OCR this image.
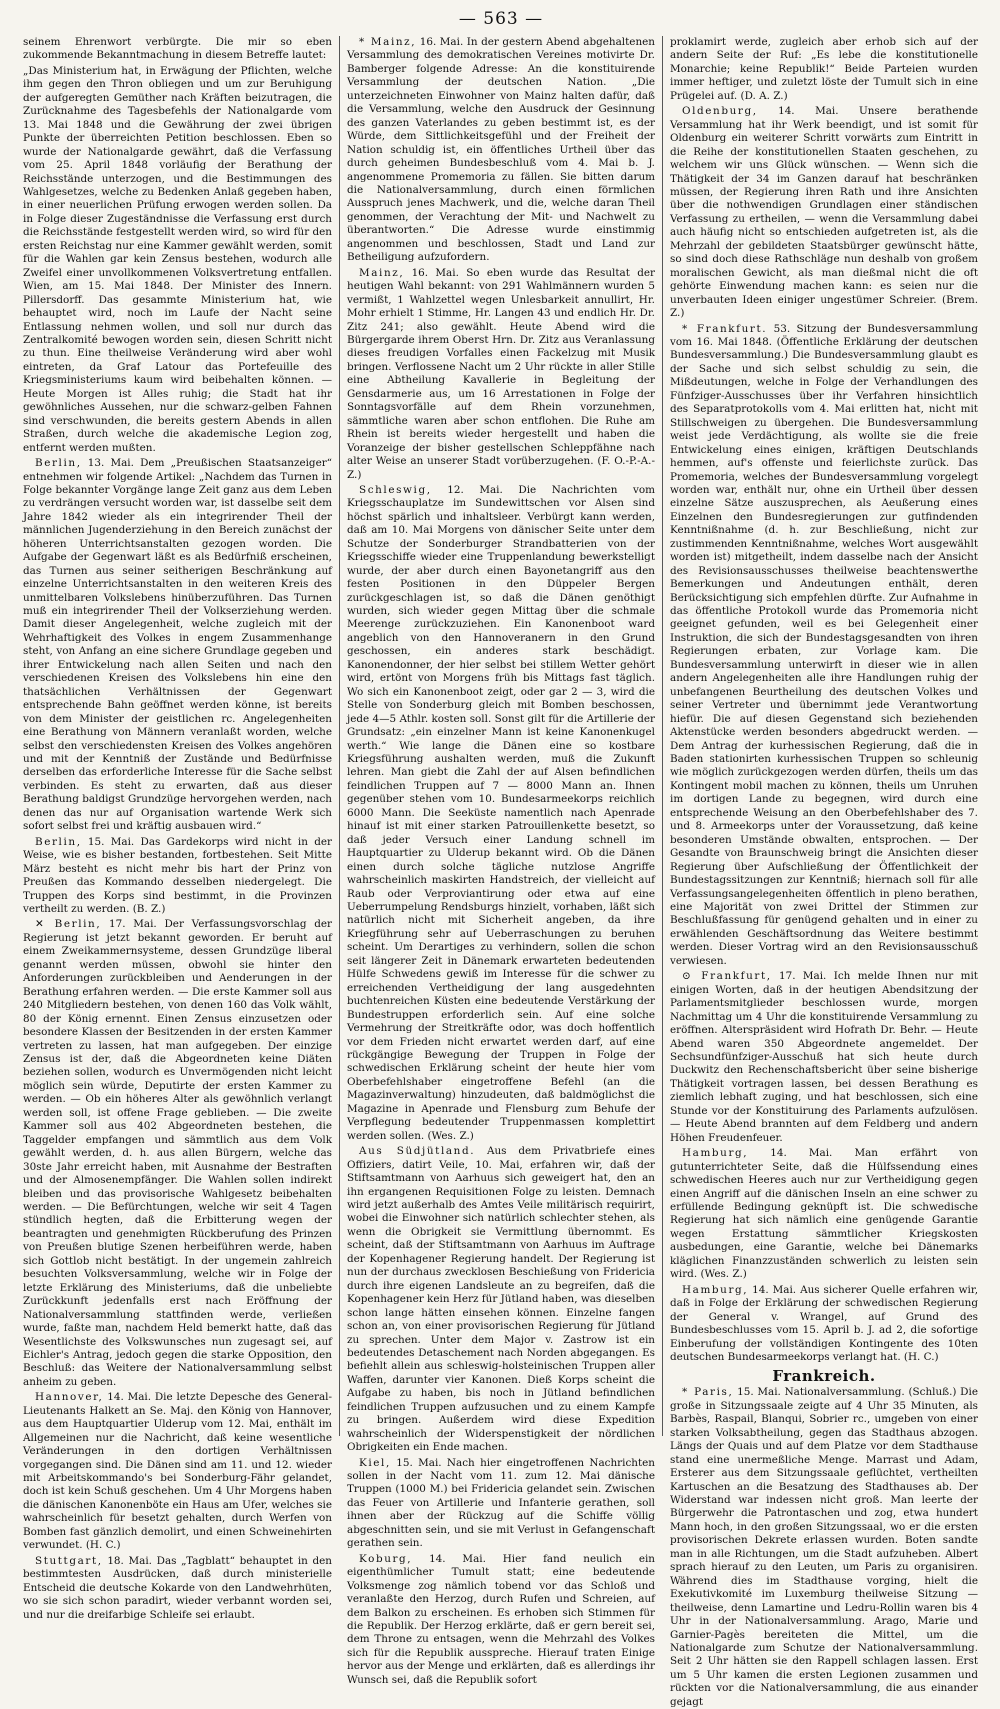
— 563 —

seinem Ehrenwort verbürgte. Die mir so eben zukommende Bekanntmachung in diesem Betreffe lautet:

„Das Ministerium hat, in Erwägung der Pflichten, welche ihm gegen den Thron obliegen und um zur Beruhigung der aufgeregten Gemüther nach Kräften beizutragen, die Zurücknahme des Tagesbefehls der Nationalgarde vom 13. Mai 1848 und die Gewährung der zwei übrigen Punkte der überreichten Petition beschlossen. Eben so wurde der Nationalgarde gewährt, daß die Verfassung vom 25. April 1848 vorläufig der Berathung der Reichsstände unterzogen, und die Bestimmungen des Wahlgesetzes, welche zu Bedenken Anlaß gegeben haben, in einer neuerlichen Prüfung erwogen werden sollen. Da in Folge dieser Zugeständnisse die Verfassung erst durch die Reichsstände festgestellt werden wird, so wird für den ersten Reichstag nur eine Kammer gewählt werden, somit für die Wahlen gar kein Zensus bestehen, wodurch alle Zweifel einer unvollkommenen Volksvertretung entfallen. Wien, am 15. Mai 1848. Der Minister des Innern. Pillersdorff. Das gesammte Ministerium hat, wie behauptet wird, noch im Laufe der Nacht seine Entlassung nehmen wollen, und soll nur durch das Zentralkomité bewogen worden sein, diesen Schritt nicht zu thun. Eine theilweise Veränderung wird aber wohl eintreten, da Graf Latour das Portefeuille des Kriegsministeriums kaum wird beibehalten können. — Heute Morgen ist Alles ruhig; die Stadt hat ihr gewöhnliches Aussehen, nur die schwarz-gelben Fahnen sind verschwunden, die bereits gestern Abends in allen Straßen, durch welche die akademische Legion zog, entfernt werden mußten.

Berlin, 13. Mai. Dem „Preußischen Staatsanzeiger“ entnehmen wir folgende Artikel: „Nachdem das Turnen in Folge bekannter Vorgänge lange Zeit ganz aus dem Leben zu verdrängen versucht worden war, ist dasselbe seit dem Jahre 1842 wieder als ein integrirender Theil der männlichen Jugenderziehung in den Bereich zunächst der höheren Unterrichtsanstalten gezogen worden. Die Aufgabe der Gegenwart läßt es als Bedürfniß erscheinen, das Turnen aus seiner seitherigen Beschränkung auf einzelne Unterrichtsanstalten in den weiteren Kreis des unmittelbaren Volkslebens hinüberzuführen. Das Turnen muß ein integrirender Theil der Volkserziehung werden. Damit dieser Angelegenheit, welche zugleich mit der Wehrhaftigkeit des Volkes in engem Zusammenhange steht, von Anfang an eine sichere Grundlage gegeben und ihrer Entwickelung nach allen Seiten und nach den verschiedenen Kreisen des Volkslebens hin eine den thatsächlichen Verhältnissen der Gegenwart entsprechende Bahn geöffnet werden könne, ist bereits von dem Minister der geistlichen rc. Angelegenheiten eine Berathung von Männern veranlaßt worden, welche selbst den verschiedensten Kreisen des Volkes angehören und mit der Kenntniß der Zustände und Bedürfnisse derselben das erforderliche Interesse für die Sache selbst verbinden. Es steht zu erwarten, daß aus dieser Berathung baldigst Grundzüge hervorgehen werden, nach denen das nur auf Organisation wartende Werk sich sofort selbst frei und kräftig ausbauen wird.“

Berlin, 15. Mai. Das Gardekorps wird nicht in der Weise, wie es bisher bestanden, fortbestehen. Seit Mitte März besteht es nicht mehr bis hart der Prinz von Preußen das Kommando desselben niedergelegt. Die Truppen des Korps sind bestimmt, in die Provinzen vertheilt zu werden. (B. Z.)

✕ Berlin, 17. Mai. Der Verfassungsvorschlag der Regierung ist jetzt bekannt geworden. Er beruht auf einem Zweikammernsysteme, dessen Grundzüge liberal genannt werden müssen, obwohl sie hinter den Anforderungen zurückbleiben und Aenderungen in der Berathung erfahren werden. — Die erste Kammer soll aus 240 Mitgliedern bestehen, von denen 160 das Volk wählt, 80 der König ernennt. Einen Zensus einzusetzen oder besondere Klassen der Besitzenden in der ersten Kammer vertreten zu lassen, hat man aufgegeben. Der einzige Zensus ist der, daß die Abgeordneten keine Diäten beziehen sollen, wodurch es Unvermögenden nicht leicht möglich sein würde, Deputirte der ersten Kammer zu werden. — Ob ein höheres Alter als gewöhnlich verlangt werden soll, ist offene Frage geblieben. — Die zweite Kammer soll aus 402 Abgeordneten bestehen, die Taggelder empfangen und sämmtlich aus dem Volk gewählt werden, d. h. aus allen Bürgern, welche das 30ste Jahr erreicht haben, mit Ausnahme der Bestraften und der Almosenempfänger. Die Wahlen sollen indirekt bleiben und das provisorische Wahlgesetz beibehalten werden. — Die Befürchtungen, welche wir seit 4 Tagen stündlich hegten, daß die Erbitterung wegen der beantragten und genehmigten Rückberufung des Prinzen von Preußen blutige Szenen herbeiführen werde, haben sich Gottlob nicht bestätigt. In der ungemein zahlreich besuchten Volksversammlung, welche wir in Folge der letzte Erklärung des Ministeriums, daß die unbeliebte Zurückkunft jedenfalls erst nach Eröffnung der Nationalversammlung stattfinden werde, verließen wurde, faßte man, nachdem Held bemerkt hatte, daß das Wesentlichste des Volkswunsches nun zugesagt sei, auf Eichler's Antrag, jedoch gegen die starke Opposition, den Beschluß: das Weitere der Nationalversammlung selbst anheim zu geben.

Hannover, 14. Mai. Die letzte Depesche des General-Lieutenants Halkett an Se. Maj. den König von Hannover, aus dem Hauptquartier Ulderup vom 12. Mai, enthält im Allgemeinen nur die Nachricht, daß keine wesentliche Veränderungen in den dortigen Verhältnissen vorgegangen sind. Die Dänen sind am 11. und 12. wieder mit Arbeitskommando's bei Sonderburg-Fähr gelandet, doch ist kein Schuß geschehen. Um 4 Uhr Morgens haben die dänischen Kanonenböte ein Haus am Ufer, welches sie wahrscheinlich für besetzt gehalten, durch Werfen von Bomben fast gänzlich demolirt, und einen Schweinehirten verwundet. (H. C.)

Stuttgart, 18. Mai. Das „Tagblatt“ behauptet in den bestimmtesten Ausdrücken, daß durch ministerielle Entscheid die deutsche Kokarde von den Landwehrhüten, wo sie sich schon paradirt, wieder verbannt worden sei, und nur die dreifarbige Schleife sei erlaubt.

* Mainz, 16. Mai. In der gestern Abend abgehaltenen Versammlung des demokratischen Vereines motivirte Dr. Bamberger folgende Adresse: An die konstituirende Versammlung der deutschen Nation. „Die unterzeichneten Einwohner von Mainz halten dafür, daß die Versammlung, welche den Ausdruck der Gesinnung des ganzen Vaterlandes zu geben bestimmt ist, es der Würde, dem Sittlichkeitsgefühl und der Freiheit der Nation schuldig ist, ein öffentliches Urtheil über das durch geheimen Bundesbeschluß vom 4. Mai b. J. angenommene Promemoria zu fällen. Sie bitten darum die Nationalversammlung, durch einen förmlichen Ausspruch jenes Machwerk, und die, welche daran Theil genommen, der Verachtung der Mit- und Nachwelt zu überantworten.“ Die Adresse wurde einstimmig angenommen und beschlossen, Stadt und Land zur Betheiligung aufzufordern.

Mainz, 16. Mai. So eben wurde das Resultat der heutigen Wahl bekannt: von 291 Wahlmännern wurden 5 vermißt, 1 Wahlzettel wegen Unlesbarkeit annullirt, Hr. Mohr erhielt 1 Stimme, Hr. Langen 43 und endlich Hr. Dr. Zitz 241; also gewählt. Heute Abend wird die Bürgergarde ihrem Oberst Hrn. Dr. Zitz aus Veranlassung dieses freudigen Vorfalles einen Fackelzug mit Musik bringen. Verflossene Nacht um 2 Uhr rückte in aller Stille eine Abtheilung Kavallerie in Begleitung der Gensdarmerie aus, um 16 Arrestationen in Folge der Sonntagsvorfälle auf dem Rhein vorzunehmen, sämmtliche waren aber schon entflohen. Die Ruhe am Rhein ist bereits wieder hergestellt und haben die Voranzeige der bisher gestellschen Schleppfähne nach alter Weise an unserer Stadt vorüberzugehen. (F. O.-P.-A.-Z.)

Schleswig, 12. Mai. Die Nachrichten vom Kriegsschauplatze im Sundewittschen vor Alsen sind höchst spärlich und inhaltsleer. Verbürgt kann werden, daß am 10. Mai Morgens von dänischer Seite unter dem Schutze der Sonderburger Strandbatterien von der Kriegsschiffe wieder eine Truppenlandung bewerkstelligt wurde, der aber durch einen Bayonetangriff aus den festen Positionen in den Düppeler Bergen zurückgeschlagen ist, so daß die Dänen genöthigt wurden, sich wieder gegen Mittag über die schmale Meerenge zurückzuziehen. Ein Kanonenboot ward angeblich von den Hannoveranern in den Grund geschossen, ein anderes stark beschädigt. Kanonendonner, der hier selbst bei stillem Wetter gehört wird, ertönt von Morgens früh bis Mittags fast täglich. Wo sich ein Kanonenboot zeigt, oder gar 2 — 3, wird die Stelle von Sonderburg gleich mit Bomben beschossen, jede 4—5 Athlr. kosten soll. Sonst gilt für die Artillerie der Grundsatz: „ein einzelner Mann ist keine Kanonenkugel werth.“ Wie lange die Dänen eine so kostbare Kriegsführung aushalten werden, muß die Zukunft lehren. Man giebt die Zahl der auf Alsen befindlichen feindlichen Truppen auf 7 — 8000 Mann an. Ihnen gegenüber stehen vom 10. Bundesarmeekorps reichlich 6000 Mann. Die Seeküste namentlich nach Apenrade hinauf ist mit einer starken Patrouillenkette besetzt, so daß jeder Versuch einer Landung schnell im Hauptquartier zu Ulderup bekannt wird. Ob die Dänen einen durch solche tägliche nutzlose Angriffe wahrscheinlich maskirten Handstreich, der vielleicht auf Raub oder Verproviantirung oder etwa auf eine Ueberrumpelung Rendsburgs hinzielt, vorhaben, läßt sich natürlich nicht mit Sicherheit angeben, da ihre Kriegführung sehr auf Ueberraschungen zu beruhen scheint. Um Derartiges zu verhindern, sollen die schon seit längerer Zeit in Dänemark erwarteten bedeutenden Hülfe Schwedens gewiß im Interesse für die schwer zu erreichenden Vertheidigung der lang ausgedehnten buchtenreichen Küsten eine bedeutende Verstärkung der Bundestruppen erforderlich sein. Auf eine solche Vermehrung der Streitkräfte odor, was doch hoffentlich vor dem Frieden nicht erwartet werden darf, auf eine rückgängige Bewegung der Truppen in Folge der schwedischen Erklärung scheint der heute hier vom Oberbefehlshaber eingetroffene Befehl (an die Magazinverwaltung) hinzudeuten, daß baldmöglichst die Magazine in Apenrade und Flensburg zum Behufe der Verpflegung bedeutender Truppenmassen komplettirt werden sollen. (Wes. Z.)

Aus Südjütland. Aus dem Privatbriefe eines Offiziers, datirt Veile, 10. Mai, erfahren wir, daß der Stiftsamtmann von Aarhuus sich geweigert hat, den an ihn ergangenen Requisitionen Folge zu leisten. Demnach wird jetzt außerhalb des Amtes Veile militärisch requirirt, wobei die Einwohner sich natürlich schlechter stehen, als wenn die Obrigkeit sie Vermittlung übernommt. Es scheint, daß der Stiftsamtmann von Aarhuus im Auftrage der Kopenhagener Regierung handelt. Der Regierung ist nun der durchaus zwecklosen Beschießung von Fridericia durch ihre eigenen Landsleute an zu begreifen, daß die Kopenhagener kein Herz für Jütland haben, was dieselben schon lange hätten einsehen können. Einzelne fangen schon an, von einer provisorischen Regierung für Jütland zu sprechen. Unter dem Major v. Zastrow ist ein bedeutendes Detaschement nach Norden abgegangen. Es befiehlt allein aus schleswig-holsteinischen Truppen aller Waffen, darunter vier Kanonen. Dieß Korps scheint die Aufgabe zu haben, bis noch in Jütland befindlichen feindlichen Truppen aufzusuchen und zu einem Kampfe zu bringen. Außerdem wird diese Expedition wahrscheinlich der Widerspenstigkeit der nördlichen Obrigkeiten ein Ende machen.

Kiel, 15. Mai. Nach hier eingetroffenen Nachrichten sollen in der Nacht vom 11. zum 12. Mai dänische Truppen (1000 M.) bei Fridericia gelandet sein. Zwischen das Feuer von Artillerie und Infanterie gerathen, soll ihnen aber der Rückzug auf die Schiffe völlig abgeschnitten sein, und sie mit Verlust in Gefangenschaft gerathen sein.

Koburg, 14. Mai. Hier fand neulich ein eigenthümlicher Tumult statt; eine bedeutende Volksmenge zog nämlich tobend vor das Schloß und veranlaßte den Herzog, durch Rufen und Schreien, auf dem Balkon zu erscheinen. Es erhoben sich Stimmen für die Republik. Der Herzog erklärte, daß er gern bereit sei, dem Throne zu entsagen, wenn die Mehrzahl des Volkes sich für die Republik ausspreche. Hierauf traten Einige hervor aus der Menge und erklärten, daß es allerdings ihr Wunsch sei, daß die Republik sofort

proklamirt werde, zugleich aber erhob sich auf der andern Seite der Ruf: „Es lebe die konstitutionelle Monarchie; keine Republik!“ Beide Parteien wurden immer heftiger, und zuletzt löste der Tumult sich in eine Prügelei auf. (D. A. Z.)

Oldenburg, 14. Mai. Unsere berathende Versammlung hat ihr Werk beendigt, und ist somit für Oldenburg ein weiterer Schritt vorwärts zum Eintritt in die Reihe der konstitutionellen Staaten geschehen, zu welchem wir uns Glück wünschen. — Wenn sich die Thätigkeit der 34 im Ganzen darauf hat beschränken müssen, der Regierung ihren Rath und ihre Ansichten über die nothwendigen Grundlagen einer ständischen Verfassung zu ertheilen, — wenn die Versammlung dabei auch häufig nicht so entschieden aufgetreten ist, als die Mehrzahl der gebildeten Staatsbürger gewünscht hätte, so sind doch diese Rathschläge nun deshalb von großem moralischen Gewicht, als man dießmal nicht die oft gehörte Einwendung machen kann: es seien nur die unverbauten Ideen einiger ungestümer Schreier. (Brem. Z.)

* Frankfurt. 53. Sitzung der Bundesversammlung vom 16. Mai 1848. (Öffentliche Erklärung der deutschen Bundesversammlung.) Die Bundesversammlung glaubt es der Sache und sich selbst schuldig zu sein, die Mißdeutungen, welche in Folge der Verhandlungen des Fünfziger-Ausschusses über ihr Verfahren hinsichtlich des Separatprotokolls vom 4. Mai erlitten hat, nicht mit Stillschweigen zu übergehen. Die Bundesversammlung weist jede Verdächtigung, als wollte sie die freie Entwickelung eines einigen, kräftigen Deutschlands hemmen, auf's offenste und feierlichste zurück. Das Promemoria, welches der Bundesversammlung vorgelegt worden war, enthält nur, ohne ein Urtheil über dessen einzelne Sätze auszusprechen, als Aeußerung eines Einzelnen den Bundesregierungen zur gutfindenden Kenntnißnahme (d. h. zur Beschließung, nicht zur zustimmenden Kenntnißnahme, welches Wort ausgewählt worden ist) mitgetheilt, indem dasselbe nach der Ansicht des Revisionsausschusses theilweise beachtenswerthe Bemerkungen und Andeutungen enthält, deren Berücksichtigung sich empfehlen dürfte. Zur Aufnahme in das öffentliche Protokoll wurde das Promemoria nicht geeignet gefunden, weil es bei Gelegenheit einer Instruktion, die sich der Bundestagsgesandten von ihren Regierungen erbaten, zur Vorlage kam. Die Bundesversammlung unterwirft in dieser wie in allen andern Angelegenheiten alle ihre Handlungen ruhig der unbefangenen Beurtheilung des deutschen Volkes und seiner Vertreter und übernimmt jede Verantwortung hiefür. Die auf diesen Gegenstand sich beziehenden Aktenstücke werden besonders abgedruckt werden. — Dem Antrag der kurhessischen Regierung, daß die in Baden stationirten kurhessischen Truppen so schleunig wie möglich zurückgezogen werden dürfen, theils um das Kontingent mobil machen zu können, theils um Unruhen im dortigen Lande zu begegnen, wird durch eine entsprechende Weisung an den Oberbefehlshaber des 7. und 8. Armeekorps unter der Voraussetzung, daß keine besonderen Umstände obwalten, entsprochen. — Der Gesandte von Braunschweig bringt die Ansichten dieser Regierung über Aufschließung der Öffentlichkeit der Bundestagssitzungen zur Kenntniß; hiernach soll für alle Verfassungsangelegenheiten öffentlich in pleno berathen, eine Majorität von zwei Drittel der Stimmen zur Beschlußfassung für genügend gehalten und in einer zu erwählenden Geschäftsordnung das Weitere bestimmt werden. Dieser Vortrag wird an den Revisionsausschuß verwiesen.

⊙ Frankfurt, 17. Mai. Ich melde Ihnen nur mit einigen Worten, daß in der heutigen Abendsitzung der Parlamentsmitglieder beschlossen wurde, morgen Nachmittag um 4 Uhr die konstituirende Versammlung zu eröffnen. Alterspräsident wird Hofrath Dr. Behr. — Heute Abend waren 350 Abgeordnete angemeldet. Der Sechsundfünfziger-Ausschuß hat sich heute durch Duckwitz den Rechenschaftsbericht über seine bisherige Thätigkeit vortragen lassen, bei dessen Berathung es ziemlich lebhaft zuging, und hat beschlossen, sich eine Stunde vor der Konstituirung des Parlaments aufzulösen. — Heute Abend brannten auf dem Feldberg und andern Höhen Freudenfeuer.

Hamburg, 14. Mai. Man erfährt von gutunterrichteter Seite, daß die Hülfssendung eines schwedischen Heeres auch nur zur Vertheidigung gegen einen Angriff auf die dänischen Inseln an eine schwer zu erfüllende Bedingung geknüpft ist. Die schwedische Regierung hat sich nämlich eine genügende Garantie wegen Erstattung sämmtlicher Kriegskosten ausbedungen, eine Garantie, welche bei Dänemarks kläglichen Finanzzuständen schwerlich zu leisten sein wird. (Wes. Z.)

Hamburg, 14. Mai. Aus sicherer Quelle erfahren wir, daß in Folge der Erklärung der schwedischen Regierung der General v. Wrangel, auf Grund des Bundesbeschlusses vom 15. April b. J. ad 2, die sofortige Einberufung der vollständigen Kontingente des 10ten deutschen Bundesarmeekorps verlangt hat. (H. C.)

Frankreich.

* Paris, 15. Mai. Nationalversammlung. (Schluß.) Die große in Sitzungssaale zeigte auf 4 Uhr 35 Minuten, als Barbès, Raspail, Blanqui, Sobrier rc., umgeben von einer starken Volksabtheilung, gegen das Stadthaus abzogen. Längs der Quais und auf dem Platze vor dem Stadthause stand eine unermeßliche Menge. Marrast und Adam, Ersterer aus dem Sitzungssaale geflüchtet, vertheilten Kartuschen an die Besatzung des Stadthauses ab. Der Widerstand war indessen nicht groß. Man leerte der Bürgerwehr die Patrontaschen und zog, etwa hundert Mann hoch, in den großen Sitzungssaal, wo er die ersten provisorischen Dekrete erlassen wurden. Boten sandte man in alle Richtungen, um die Stadt aufzuheben. Albert sprach hierauf zu den Leuten, um Paris zu organisiren. Während dies im Stadthause vorging, hielt die Exekutivkomité im Luxemburg theilweise Sitzung — theilweise, denn Lamartine und Ledru-Rollin waren bis 4 Uhr in der Nationalversammlung. Arago, Marie und Garnier-Pagès bereiteten die Mittel, um die Nationalgarde zum Schutze der Nationalversammlung. Seit 2 Uhr hätten sie den Rappell schlagen lassen. Erst um 5 Uhr kamen die ersten Legionen zusammen und rückten vor die Nationalversammlung, die aus einander gejagt
